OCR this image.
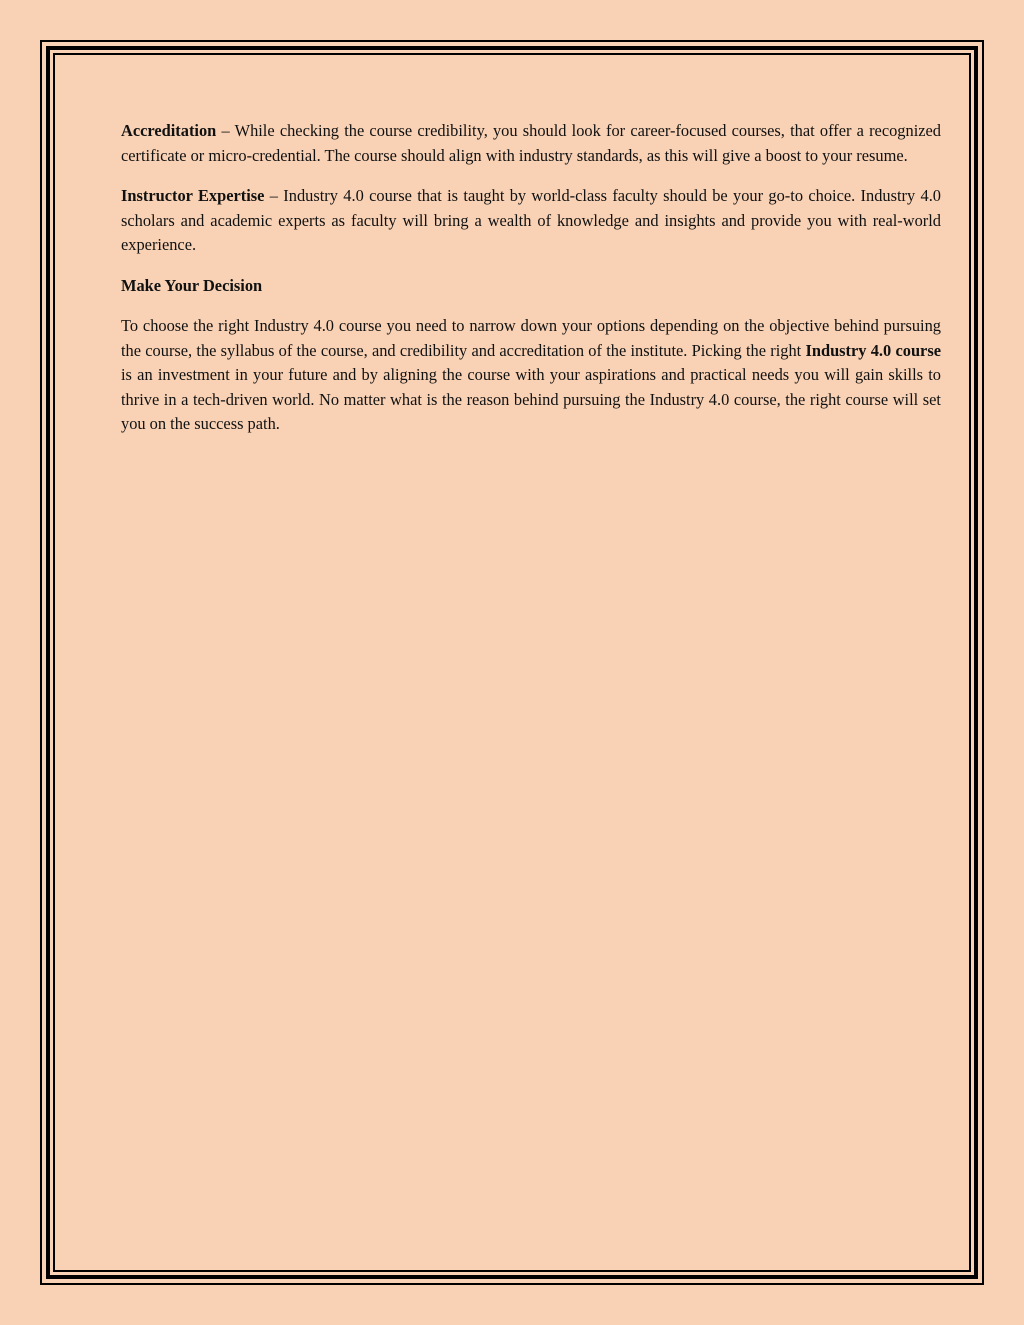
Accreditation – While checking the course credibility, you should look for career-focused courses, that offer a recognized certificate or micro-credential. The course should align with industry standards, as this will give a boost to your resume.

Instructor Expertise – Industry 4.0 course that is taught by world-class faculty should be your go-to choice. Industry 4.0 scholars and academic experts as faculty will bring a wealth of knowledge and insights and provide you with real-world experience.

Make Your Decision

To choose the right Industry 4.0 course you need to narrow down your options depending on the objective behind pursuing the course, the syllabus of the course, and credibility and accreditation of the institute. Picking the right Industry 4.0 course is an investment in your future and by aligning the course with your aspirations and practical needs you will gain skills to thrive in a tech-driven world. No matter what is the reason behind pursuing the Industry 4.0 course, the right course will set you on the success path.
